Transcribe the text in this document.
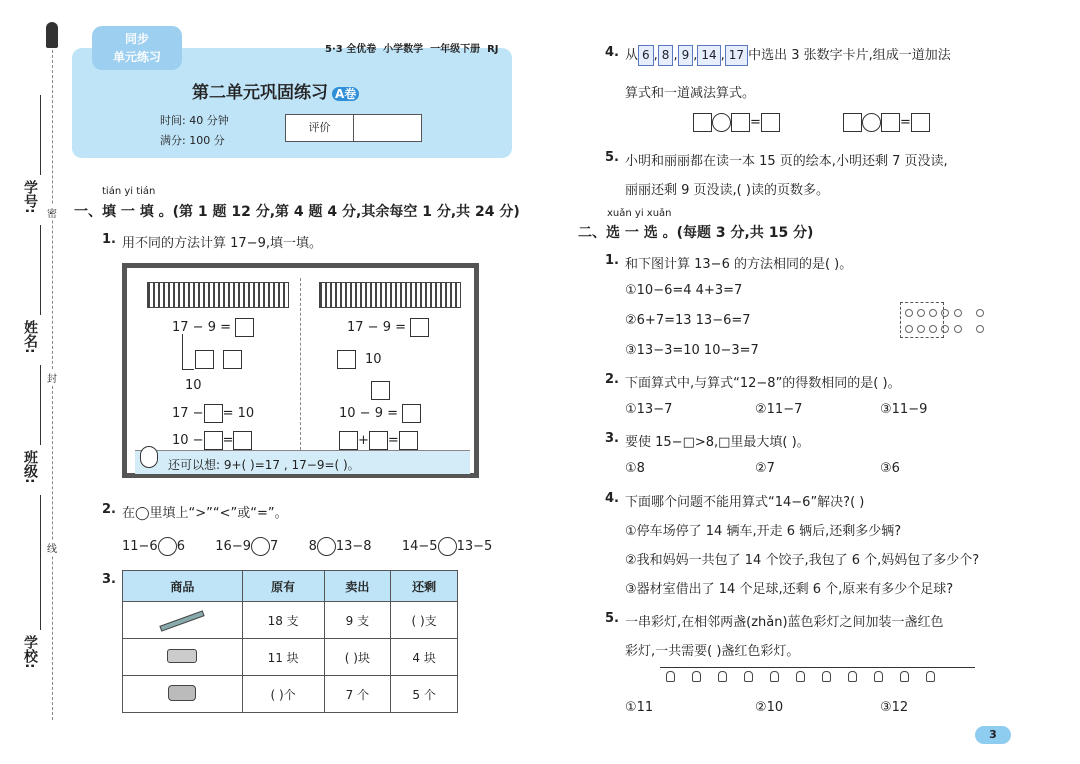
学号:
姓名:
班级:
学校:
密
封
线
同步
单元练习
5·3 全优卷 小学数学 一年级下册 RJ
第二单元巩固练习 A卷
时间: 40 分钟
满分: 100 分
评价
tián yi tián
一、填 一 填 。(第 1 题 12 分,第 4 题 4 分,其余每空 1 分,共 24 分)
1. 用不同的方法计算 17−9,填一填。
17 − 9 =
10
17 − = 10
10 − =
17 − 9 =
10
10 − 9 =
+ =
还可以想: 9+( )=17 , 17−9=( )。
2. 在◯里填上“>”“<”或“=”。
11−6 6 16−9 7 8 13−8 14−5 13−5
3.	商品	原有	卖出	还剩
	18 支	9 支	( )支
	11 块	( )块	4 块
	( )个	7 个	5 个
4. 从 6 , 8 , 9 , 14 , 17 中选出 3 张数字卡片,组成一道加法
算式和一道减法算式。
=	=
5. 小明和丽丽都在读一本 15 页的绘本,小明还剩 7 页没读,
丽丽还剩 9 页没读,( )读的页数多。
xuǎn yi xuǎn
二、选 一 选 。(每题 3 分,共 15 分)
1. 和下图计算 13−6 的方法相同的是( )。
①10−6=4 4+3=7
②6+7=13 13−6=7
③13−3=10 10−3=7

2. 下面算式中,与算式“12−8”的得数相同的是( )。
①13−7	②11−7	③11−9
3. 要使 15−□>8,□里最大填( )。
①8	②7	③6
4. 下面哪个问题不能用算式“14−6”解决?( )
①停车场停了 14 辆车,开走 6 辆后,还剩多少辆?
②我和妈妈一共包了 14 个饺子,我包了 6 个,妈妈包了多少个?
③器材室借出了 14 个足球,还剩 6 个,原来有多少个足球?
5. 一串彩灯,在相邻两盏(zhǎn)蓝色彩灯之间加装一盏红色
彩灯,一共需要( )盏红色彩灯。
①11	②10	③12
3
